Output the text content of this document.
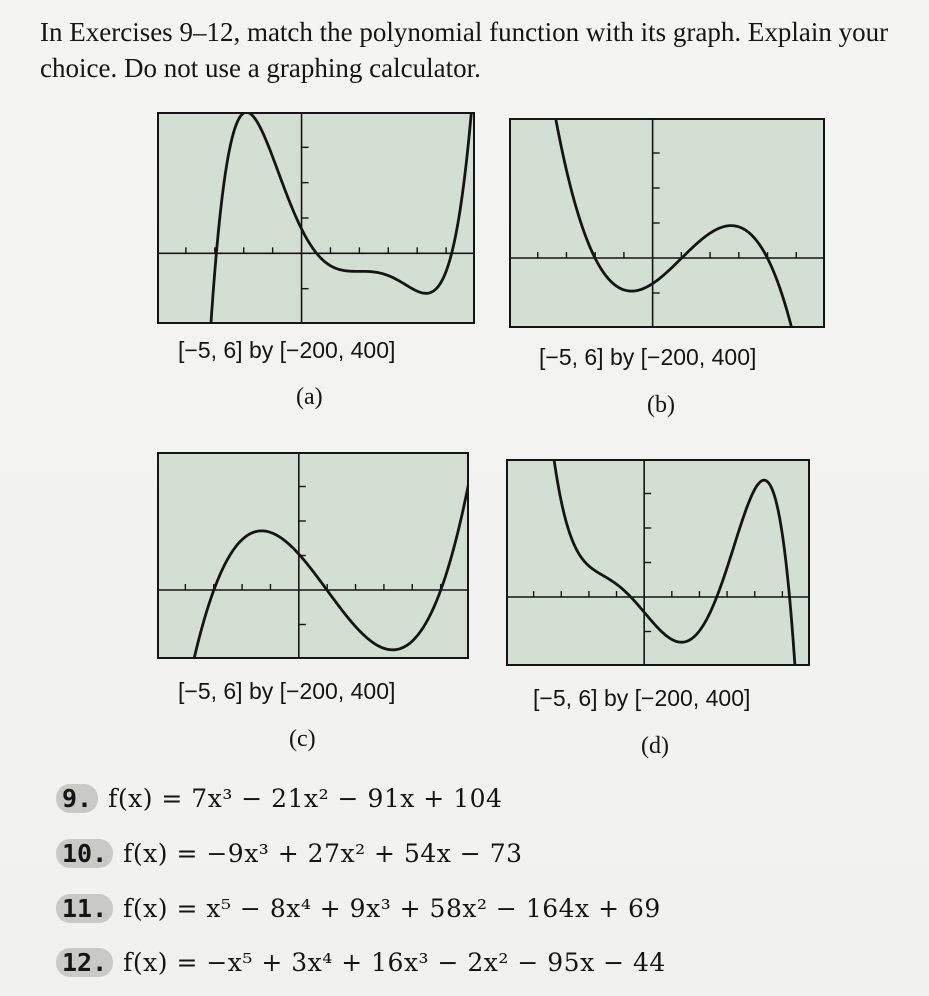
In Exercises 9–12, match the polynomial function with its graph. Explain your choice. Do not use a graphing calculator.

[−5, 6] by [−200, 400]
(a)
[−5, 6] by [−200, 400]
(b)
[−5, 6] by [−200, 400]
(c)
[−5, 6] by [−200, 400]
(d)
9. f(x) = 7x³ − 21x² − 91x + 104
10. f(x) = −9x³ + 27x² + 54x − 73
11. f(x) = x⁵ − 8x⁴ + 9x³ + 58x² − 164x + 69
12. f(x) = −x⁵ + 3x⁴ + 16x³ − 2x² − 95x − 44
